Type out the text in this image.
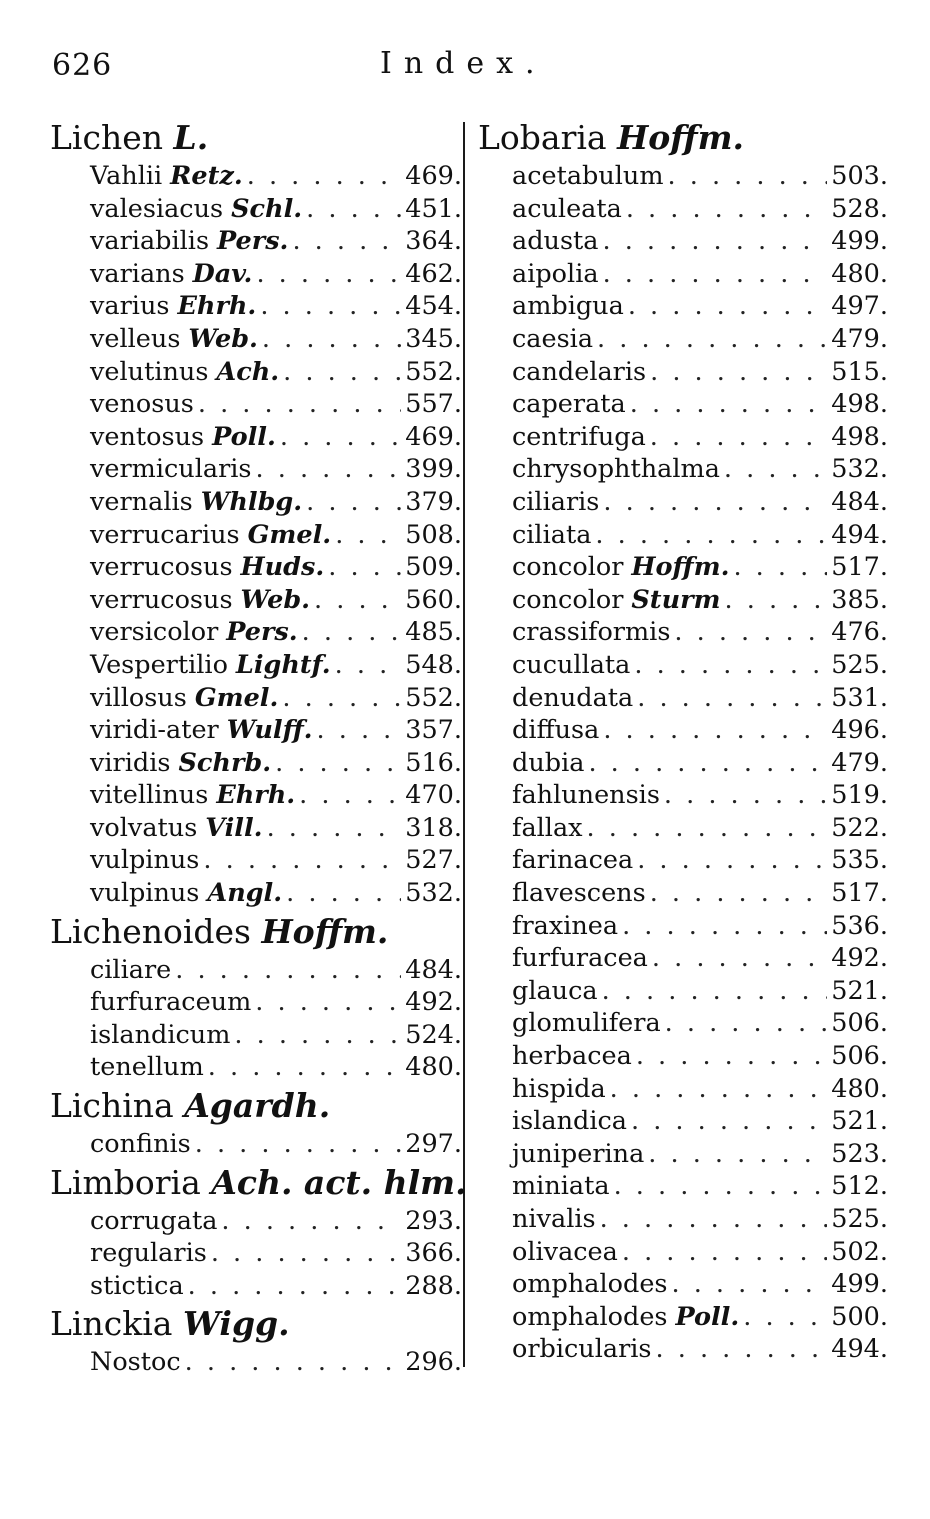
626	Index.
Lichen L.
Vahlii Retz. . . .	469.
valesiacus Schl. . . .	451.
variabilis Pers. . . .	364.
varians Dav. . . .	462.
varius Ehrh. . . .	454.
velleus Web. . . .	345.
velutinus Ach. . . .	552.
venosus . . .	557.
ventosus Poll. . . .	469.
vermicularis . . .	399.
vernalis Whlbg. . . .	379.
verrucarius Gmel. . . .	508.
verrucosus Huds. . . .	509.
verrucosus Web. . . .	560.
versicolor Pers. . . .	485.
Vespertilio Lightf. . . .	548.
villosus Gmel. . . .	552.
viridi-ater Wulff. . . .	357.
viridis Schrb. . . .	516.
vitellinus Ehrh. . . .	470.
volvatus Vill. . . .	318.
vulpinus . . .	527.
vulpinus Angl. . . .	532.
Lichenoides Hoffm.
ciliare . . .	484.
furfuraceum . . .	492.
islandicum . . .	524.
tenellum . . .	480.
Lichina Agardh.
confinis . . .	297.
Limboria Ach. act. hlm.
corrugata . . .	293.
regularis . . .	366.
stictica . . .	288.
Linckia Wigg.
Nostoc . . .	296.
Lobaria Hoffm.
acetabulum . . .	503.
aculeata . . .	528.
adusta . . .	499.
aipolia . . .	480.
ambigua . . .	497.
caesia . . .	479.
candelaris . . .	515.
caperata . . .	498.
centrifuga . . .	498.
chrysophthalma . . .	532.
ciliaris . . .	484.
ciliata . . .	494.
concolor Hoffm. . . .	517.
concolor Sturm . . .	385.
crassiformis . . .	476.
cucullata . . .	525.
denudata . . .	531.
diffusa . . .	496.
dubia . . .	479.
fahlunensis . . .	519.
fallax . . .	522.
farinacea . . .	535.
flavescens . . .	517.
fraxinea . . .	536.
furfuracea . . .	492.
glauca . . .	521.
glomulifera . . .	506.
herbacea . . .	506.
hispida . . .	480.
islandica . . .	521.
juniperina . . .	523.
miniata . . .	512.
nivalis . . .	525.
olivacea . . .	502.
omphalodes . . .	499.
omphalodes Poll. . . .	500.
orbicularis . . .	494.
